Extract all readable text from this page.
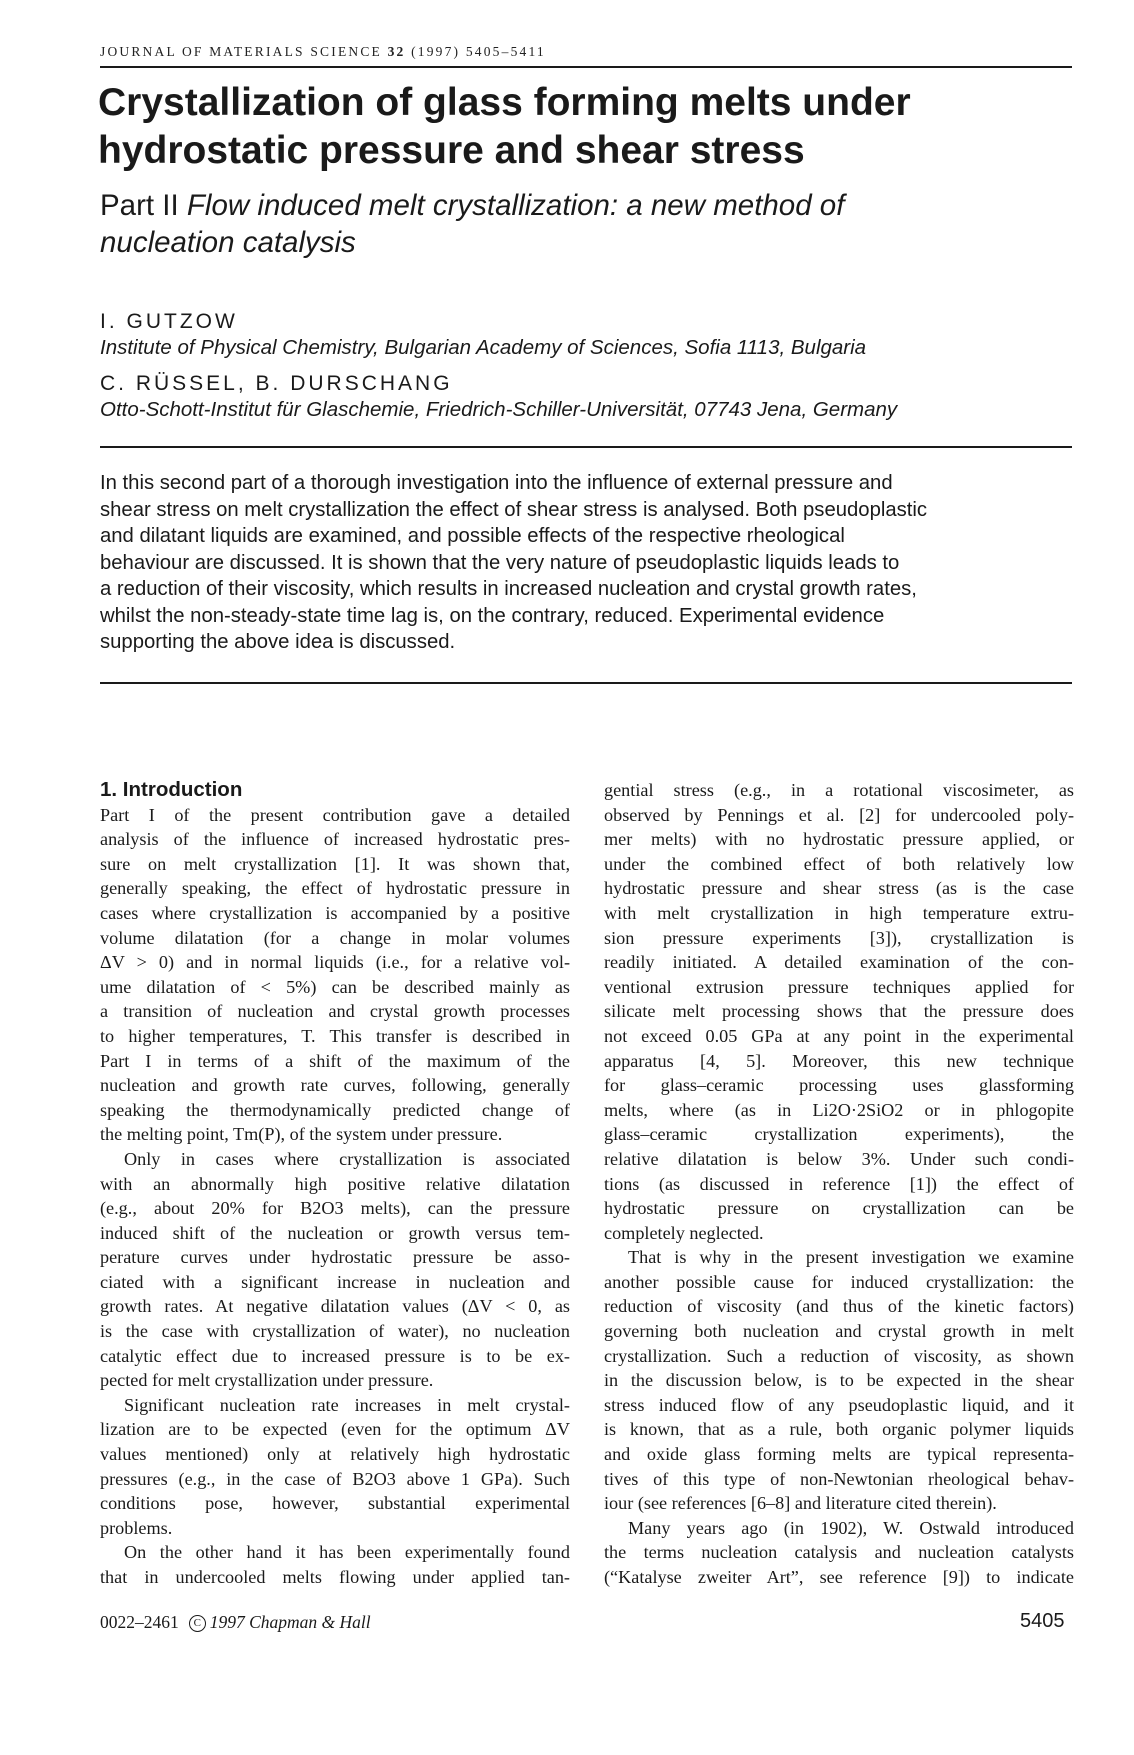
JOURNAL OF MATERIALS SCIENCE 32 (1997) 5405–5411
Crystallization of glass forming melts under
hydrostatic pressure and shear stress
Part II Flow induced melt crystallization: a new method of
nucleation catalysis
I. GUTZOW
Institute of Physical Chemistry, Bulgarian Academy of Sciences, Sofia 1113, Bulgaria
C. RÜSSEL, B. DURSCHANG
Otto-Schott-Institut für Glaschemie, Friedrich-Schiller-Universität, 07743 Jena, Germany
In this second part of a thorough investigation into the influence of external pressure and
shear stress on melt crystallization the effect of shear stress is analysed. Both pseudoplastic
and dilatant liquids are examined, and possible effects of the respective rheological
behaviour are discussed. It is shown that the very nature of pseudoplastic liquids leads to
a reduction of their viscosity, which results in increased nucleation and crystal growth rates,
whilst the non-steady-state time lag is, on the contrary, reduced. Experimental evidence
supporting the above idea is discussed.
1. Introduction
Part I of the present contribution gave a detailed
analysis of the influence of increased hydrostatic pres-
sure on melt crystallization [1]. It was shown that,
generally speaking, the effect of hydrostatic pressure in
cases where crystallization is accompanied by a positive
volume dilatation (for a change in molar volumes
ΔV > 0) and in normal liquids (i.e., for a relative vol-
ume dilatation of < 5%) can be described mainly as
a transition of nucleation and crystal growth processes
to higher temperatures, T. This transfer is described in
Part I in terms of a shift of the maximum of the
nucleation and growth rate curves, following, generally
speaking the thermodynamically predicted change of
the melting point, Tm(P), of the system under pressure.
Only in cases where crystallization is associated
with an abnormally high positive relative dilatation
(e.g., about 20% for B2O3 melts), can the pressure
induced shift of the nucleation or growth versus tem-
perature curves under hydrostatic pressure be asso-
ciated with a significant increase in nucleation and
growth rates. At negative dilatation values (ΔV < 0, as
is the case with crystallization of water), no nucleation
catalytic effect due to increased pressure is to be ex-
pected for melt crystallization under pressure.
Significant nucleation rate increases in melt crystal-
lization are to be expected (even for the optimum ΔV
values mentioned) only at relatively high hydrostatic
pressures (e.g., in the case of B2O3 above 1 GPa). Such
conditions pose, however, substantial experimental
problems.
On the other hand it has been experimentally found
that in undercooled melts flowing under applied tan-
gential stress (e.g., in a rotational viscosimeter, as
observed by Pennings et al. [2] for undercooled poly-
mer melts) with no hydrostatic pressure applied, or
under the combined effect of both relatively low
hydrostatic pressure and shear stress (as is the case
with melt crystallization in high temperature extru-
sion pressure experiments [3]), crystallization is
readily initiated. A detailed examination of the con-
ventional extrusion pressure techniques applied for
silicate melt processing shows that the pressure does
not exceed 0.05 GPa at any point in the experimental
apparatus [4, 5]. Moreover, this new technique
for glass–ceramic processing uses glassforming
melts, where (as in Li2O·2SiO2 or in phlogopite
glass–ceramic crystallization experiments), the
relative dilatation is below 3%. Under such condi-
tions (as discussed in reference [1]) the effect of
hydrostatic pressure on crystallization can be
completely neglected.
That is why in the present investigation we examine
another possible cause for induced crystallization: the
reduction of viscosity (and thus of the kinetic factors)
governing both nucleation and crystal growth in melt
crystallization. Such a reduction of viscosity, as shown
in the discussion below, is to be expected in the shear
stress induced flow of any pseudoplastic liquid, and it
is known, that as a rule, both organic polymer liquids
and oxide glass forming melts are typical representa-
tives of this type of non-Newtonian rheological behav-
iour (see references [6–8] and literature cited therein).
Many years ago (in 1902), W. Ostwald introduced
the terms nucleation catalysis and nucleation catalysts
(“Katalyse zweiter Art”, see reference [9]) to indicate
0022–2461 C 1997 Chapman & Hall	5405
